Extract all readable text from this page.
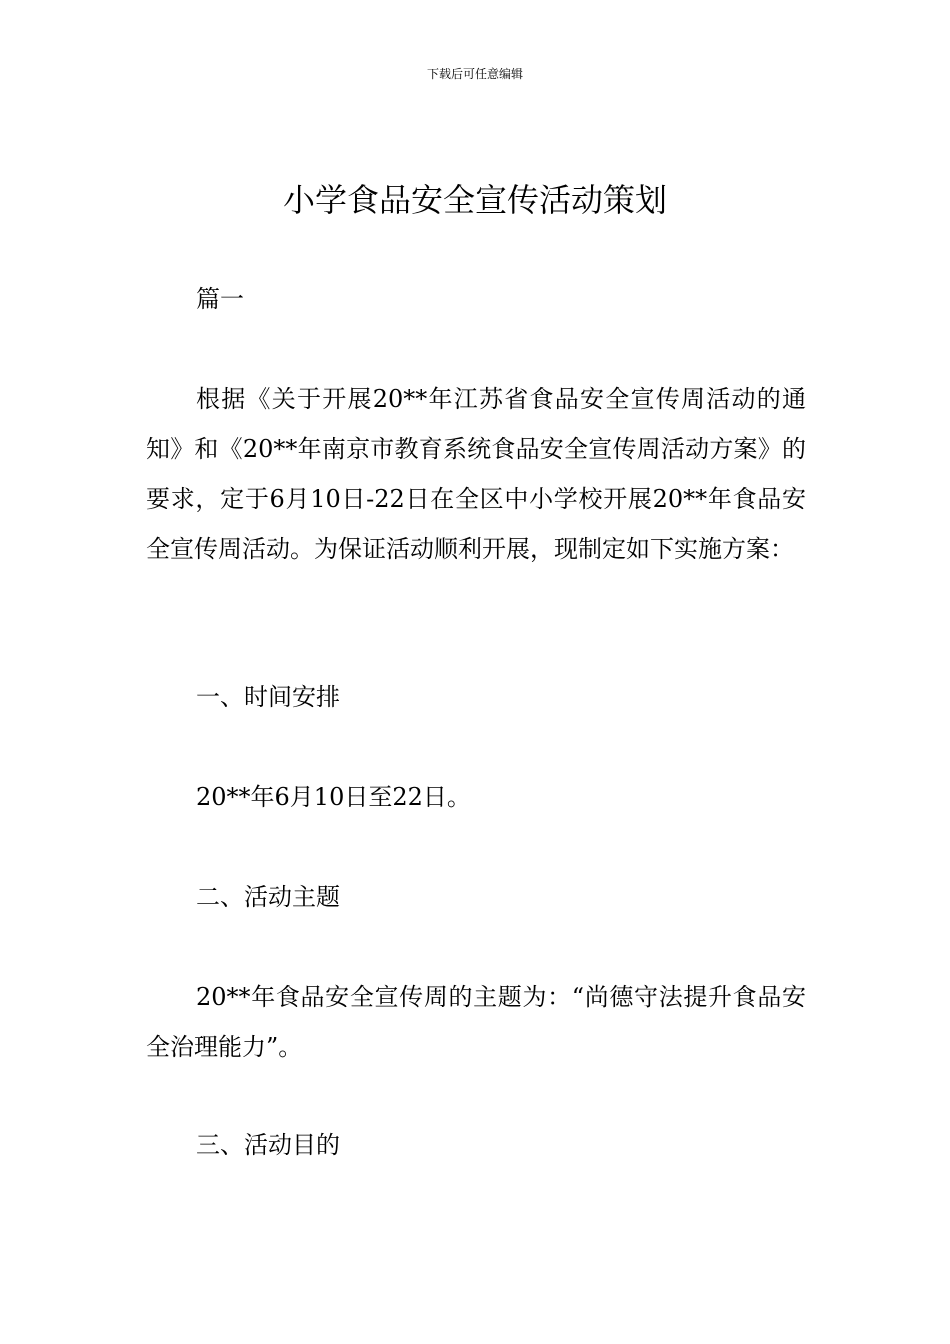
下载后可任意编辑
小学食品安全宣传活动策划

篇一

根据《关于开展20**年江苏省食品安全宣传周活动的通知》和《20**年南京市教育系统食品安全宣传周活动方案》的要求，定于6月10日-22日在全区中小学校开展20**年食品安全宣传周活动。为保证活动顺利开展，现制定如下实施方案：

一、时间安排

20**年6月10日至22日。

二、活动主题

20**年食品安全宣传周的主题为：“尚德守法提升食品安全治理能力”。

三、活动目的
